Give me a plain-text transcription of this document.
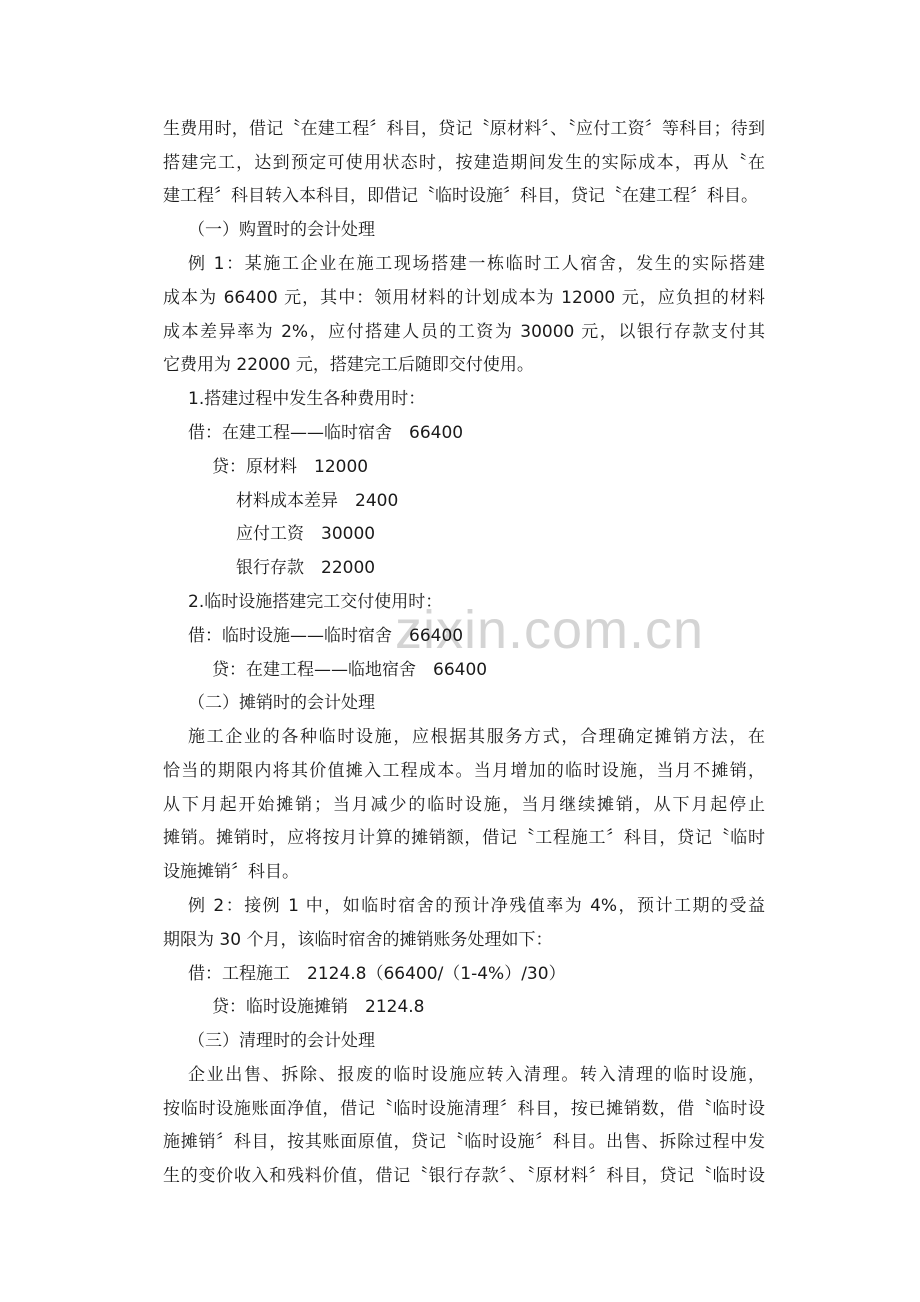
zixin.com.cn

生费用时，借记〝在建工程〞科目，贷记〝原材料〞、〝应付工资〞等科目；待到

搭建完工，达到预定可使用状态时，按建造期间发生的实际成本，再从〝在

建工程〞科目转入本科目，即借记〝临时设施〞科目，贷记〝在建工程〞科目。

（一）购置时的会计处理

例 1：某施工企业在施工现场搭建一栋临时工人宿舍，发生的实际搭建

成本为 66400 元，其中：领用材料的计划成本为 12000 元，应负担的材料

成本差异率为 2%，应付搭建人员的工资为 30000 元，以银行存款支付其

它费用为 22000 元，搭建完工后随即交付使用。

1.搭建过程中发生各种费用时：

借：在建工程——临时宿舍　66400

贷：原材料　12000

材料成本差异　2400

应付工资　30000

银行存款　22000

2.临时设施搭建完工交付使用时：

借：临时设施——临时宿舍　66400

贷：在建工程——临地宿舍　66400

（二）摊销时的会计处理

施工企业的各种临时设施，应根据其服务方式，合理确定摊销方法，在

恰当的期限内将其价值摊入工程成本。当月增加的临时设施，当月不摊销，

从下月起开始摊销；当月减少的临时设施，当月继续摊销，从下月起停止

摊销。摊销时，应将按月计算的摊销额，借记〝工程施工〞科目，贷记〝临时

设施摊销〞科目。

例 2：接例 1 中，如临时宿舍的预计净残值率为 4%，预计工期的受益

期限为 30 个月，该临时宿舍的摊销账务处理如下：

借：工程施工　2124.8（66400/（1-4%）/30）

贷：临时设施摊销　2124.8

（三）清理时的会计处理

企业出售、拆除、报废的临时设施应转入清理。转入清理的临时设施，

按临时设施账面净值，借记〝临时设施清理〞科目，按已摊销数，借〝临时设

施摊销〞科目，按其账面原值，贷记〝临时设施〞科目。出售、拆除过程中发

生的变价收入和残料价值，借记〝银行存款〞、〝原材料〞科目，贷记〝临时设
